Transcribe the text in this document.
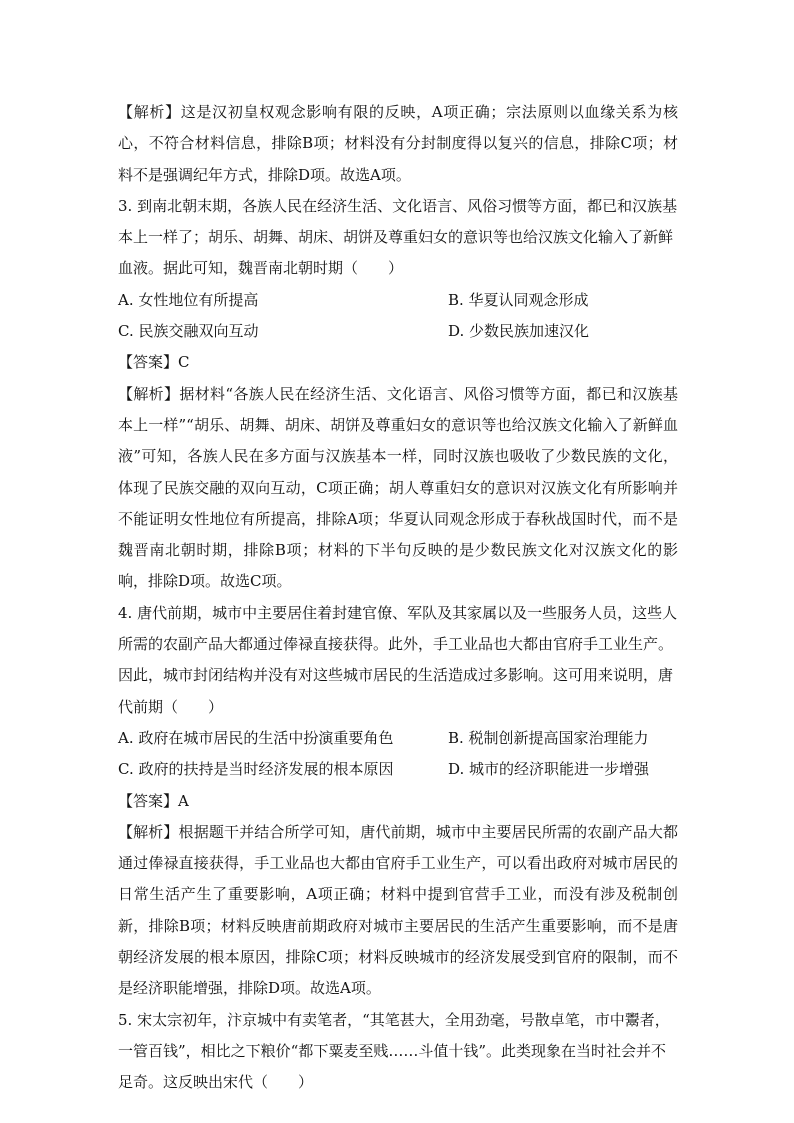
【解析】这是汉初皇权观念影响有限的反映，A项正确；宗法原则以血缘关系为核心，不符合材料信息，排除B项；材料没有分封制度得以复兴的信息，排除C项；材料不是强调纪年方式，排除D项。故选A项。

3. 到南北朝末期，各族人民在经济生活、文化语言、风俗习惯等方面，都已和汉族基本上一样了；胡乐、胡舞、胡床、胡饼及尊重妇女的意识等也给汉族文化输入了新鲜血液。据此可知，魏晋南北朝时期（　　）

A. 女性地位有所提高	B. 华夏认同观念形成
C. 民族交融双向互动	D. 少数民族加速汉化

【答案】C

【解析】据材料“各族人民在经济生活、文化语言、风俗习惯等方面，都已和汉族基本上一样”“胡乐、胡舞、胡床、胡饼及尊重妇女的意识等也给汉族文化输入了新鲜血液”可知，各族人民在多方面与汉族基本一样，同时汉族也吸收了少数民族的文化，体现了民族交融的双向互动，C项正确；胡人尊重妇女的意识对汉族文化有所影响并不能证明女性地位有所提高，排除A项；华夏认同观念形成于春秋战国时代，而不是魏晋南北朝时期，排除B项；材料的下半句反映的是少数民族文化对汉族文化的影响，排除D项。故选C项。

4. 唐代前期，城市中主要居住着封建官僚、军队及其家属以及一些服务人员，这些人所需的农副产品大都通过俸禄直接获得。此外，手工业品也大都由官府手工业生产。因此，城市封闭结构并没有对这些城市居民的生活造成过多影响。这可用来说明，唐代前期（　　）

A. 政府在城市居民的生活中扮演重要角色	B. 税制创新提高国家治理能力
C. 政府的扶持是当时经济发展的根本原因	D. 城市的经济职能进一步增强

【答案】A

【解析】根据题干并结合所学可知，唐代前期，城市中主要居民所需的农副产品大都通过俸禄直接获得，手工业品也大都由官府手工业生产，可以看出政府对城市居民的日常生活产生了重要影响，A项正确；材料中提到官营手工业，而没有涉及税制创新，排除B项；材料反映唐前期政府对城市主要居民的生活产生重要影响，而不是唐朝经济发展的根本原因，排除C项；材料反映城市的经济发展受到官府的限制，而不是经济职能增强，排除D项。故选A项。

5. 宋太宗初年，汴京城中有卖笔者，“其笔甚大，全用劲毫，号散卓笔，市中鬻者，一管百钱”，相比之下粮价“都下粟麦至贱……斗值十钱”。此类现象在当时社会并不足奇。这反映出宋代（　　）
